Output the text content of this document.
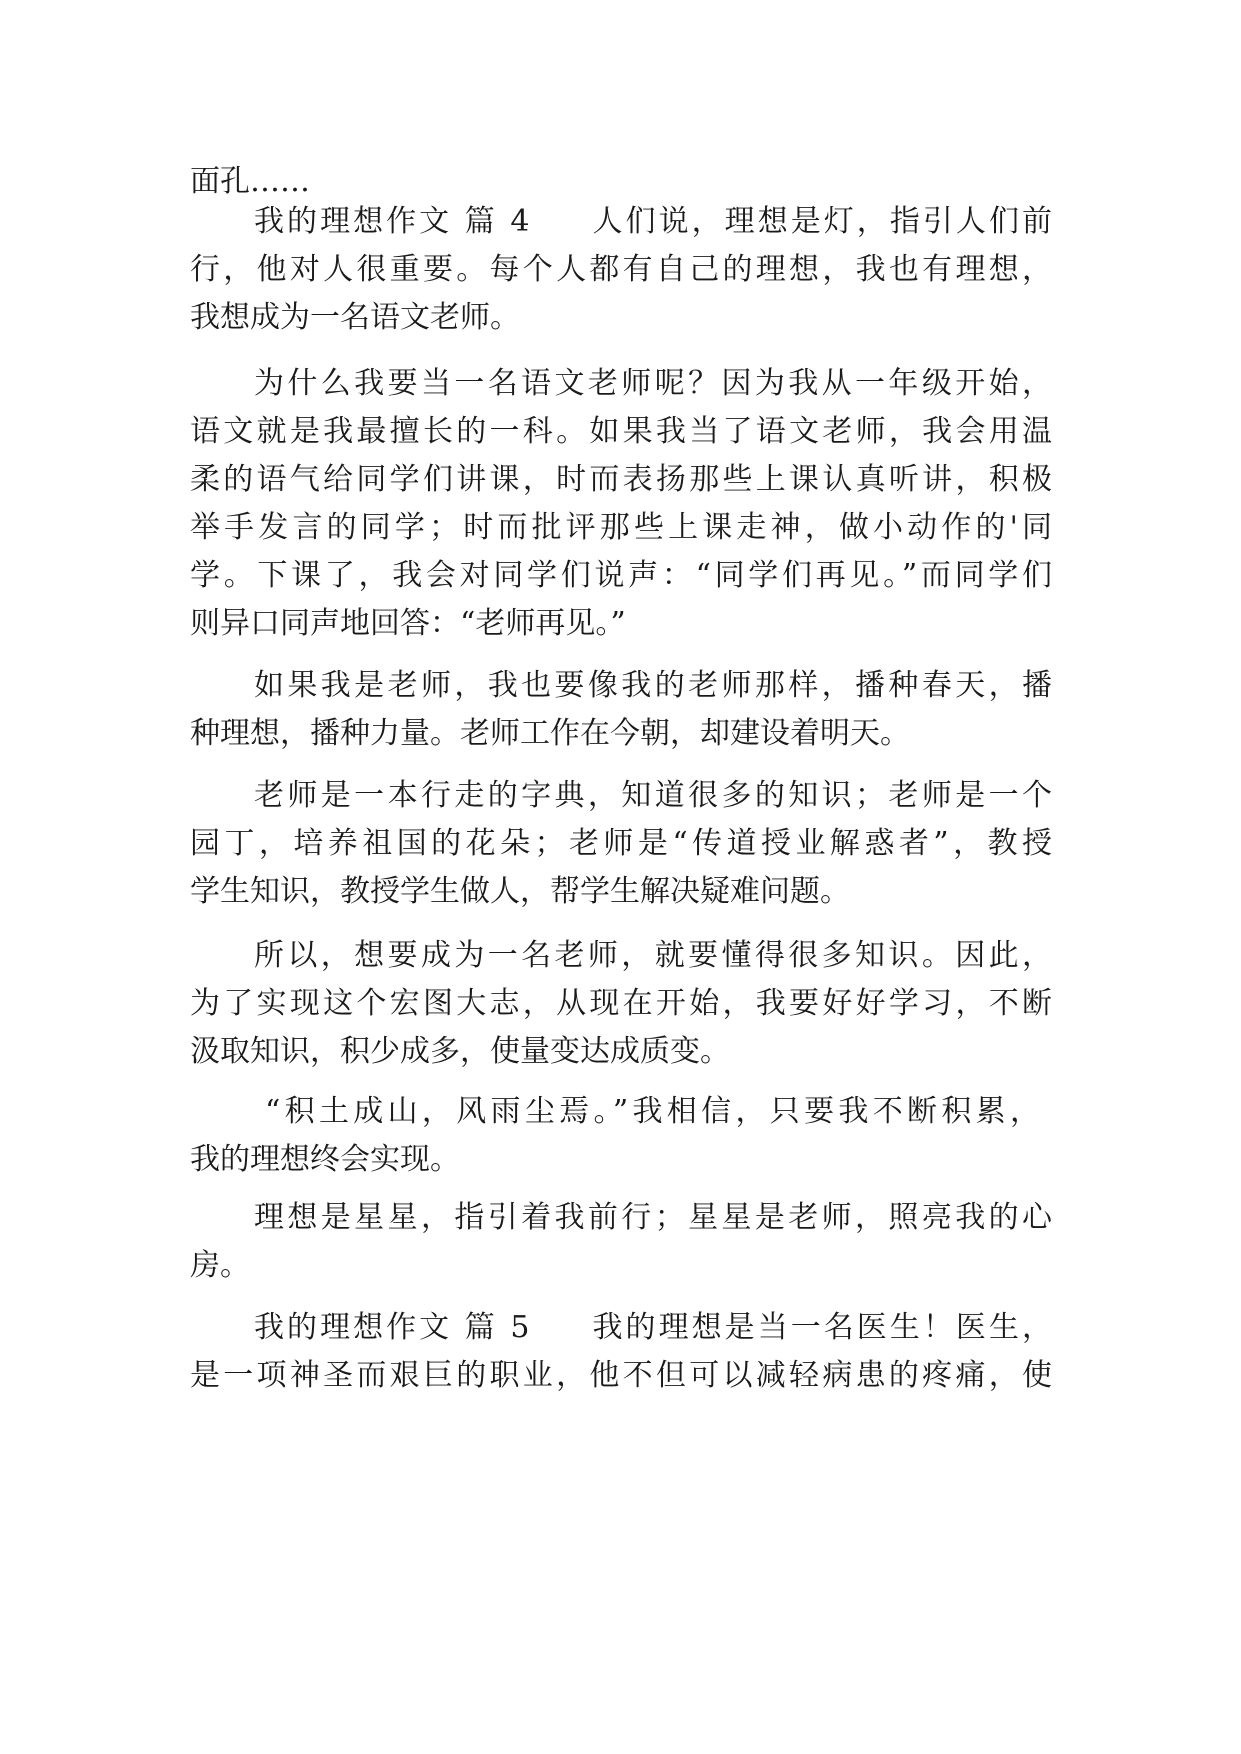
面孔……
我的理想作文 篇 4 人们说，理想是灯，指引人们前
行，他对人很重要。每个人都有自己的理想，我也有理想，
我想成为一名语文老师。
为什么我要当一名语文老师呢？因为我从一年级开始，
语文就是我最擅长的一科。如果我当了语文老师，我会用温
柔的语气给同学们讲课，时而表扬那些上课认真听讲，积极
举手发言的同学；时而批评那些上课走神，做小动作的'同
学。下课了，我会对同学们说声：“同学们再见。”而同学们
则异口同声地回答：“老师再见。”
如果我是老师，我也要像我的老师那样，播种春天，播
种理想，播种力量。老师工作在今朝，却建设着明天。
老师是一本行走的字典，知道很多的知识；老师是一个
园丁，培养祖国的花朵；老师是“传道授业解惑者”，教授
学生知识，教授学生做人，帮学生解决疑难问题。
所以，想要成为一名老师，就要懂得很多知识。因此，
为了实现这个宏图大志，从现在开始，我要好好学习，不断
汲取知识，积少成多，使量变达成质变。
“积土成山，风雨尘焉。”我相信，只要我不断积累，
我的理想终会实现。
理想是星星，指引着我前行；星星是老师，照亮我的心
房。
我的理想作文 篇 5 我的理想是当一名医生！医生，
是一项神圣而艰巨的职业，他不但可以减轻病患的疼痛，使
